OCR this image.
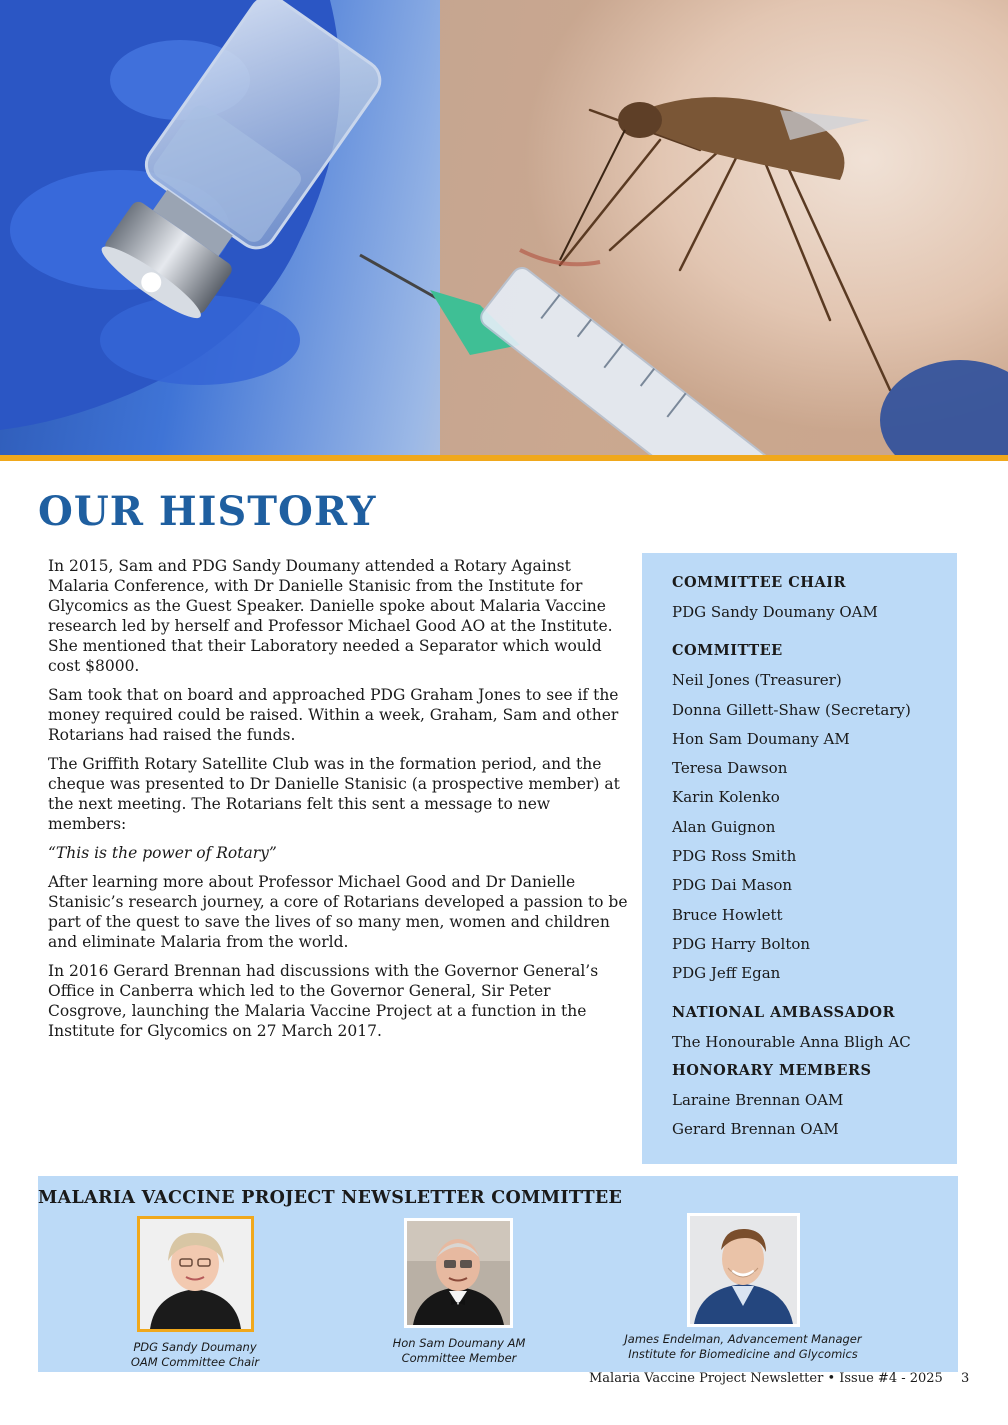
OUR HISTORY

In 2015, Sam and PDG Sandy Doumany attended a Rotary Against Malaria Conference, with Dr Danielle Stanisic from the Institute for Glycomics as the Guest Speaker. Danielle spoke about Malaria Vaccine research led by herself and Professor Michael Good AO at the Institute. She mentioned that their Laboratory needed a Separator which would cost $8000.

Sam took that on board and approached PDG Graham Jones to see if the money required could be raised. Within a week, Graham, Sam and other Rotarians had raised the funds.

The Griffith Rotary Satellite Club was in the formation period, and the cheque was presented to Dr Danielle Stanisic (a prospective member) at the next meeting. The Rotarians felt this sent a message to new members:

“This is the power of Rotary”

After learning more about Professor Michael Good and Dr Danielle Stanisic’s research journey, a core of Rotarians developed a passion to be part of the quest to save the lives of so many men, women and children and eliminate Malaria from the world.

In 2016 Gerard Brennan had discussions with the Governor General’s Office in Canberra which led to the Governor General, Sir Peter Cosgrove, launching the Malaria Vaccine Project at a function in the Institute for Glycomics on 27 March 2017.

COMMITTEE CHAIR
PDG Sandy Doumany OAM
COMMITTEE
Neil Jones (Treasurer)
Donna Gillett-Shaw (Secretary)
Hon Sam Doumany AM
Teresa Dawson
Karin Kolenko
Alan Guignon
PDG Ross Smith
PDG Dai Mason
Bruce Howlett
PDG Harry Bolton
PDG Jeff Egan
NATIONAL AMBASSADOR
The Honourable Anna Bligh AC
HONORARY MEMBERS
Laraine Brennan OAM
Gerard Brennan OAM
MALARIA VACCINE PROJECT NEWSLETTER COMMITTEE
PDG Sandy Doumany
OAM Committee Chair
Hon Sam Doumany AM
Committee Member
James Endelman, Advancement Manager
Institute for Biomedicine and Glycomics
Malaria Vaccine Project Newsletter • Issue #4 - 2025 3
